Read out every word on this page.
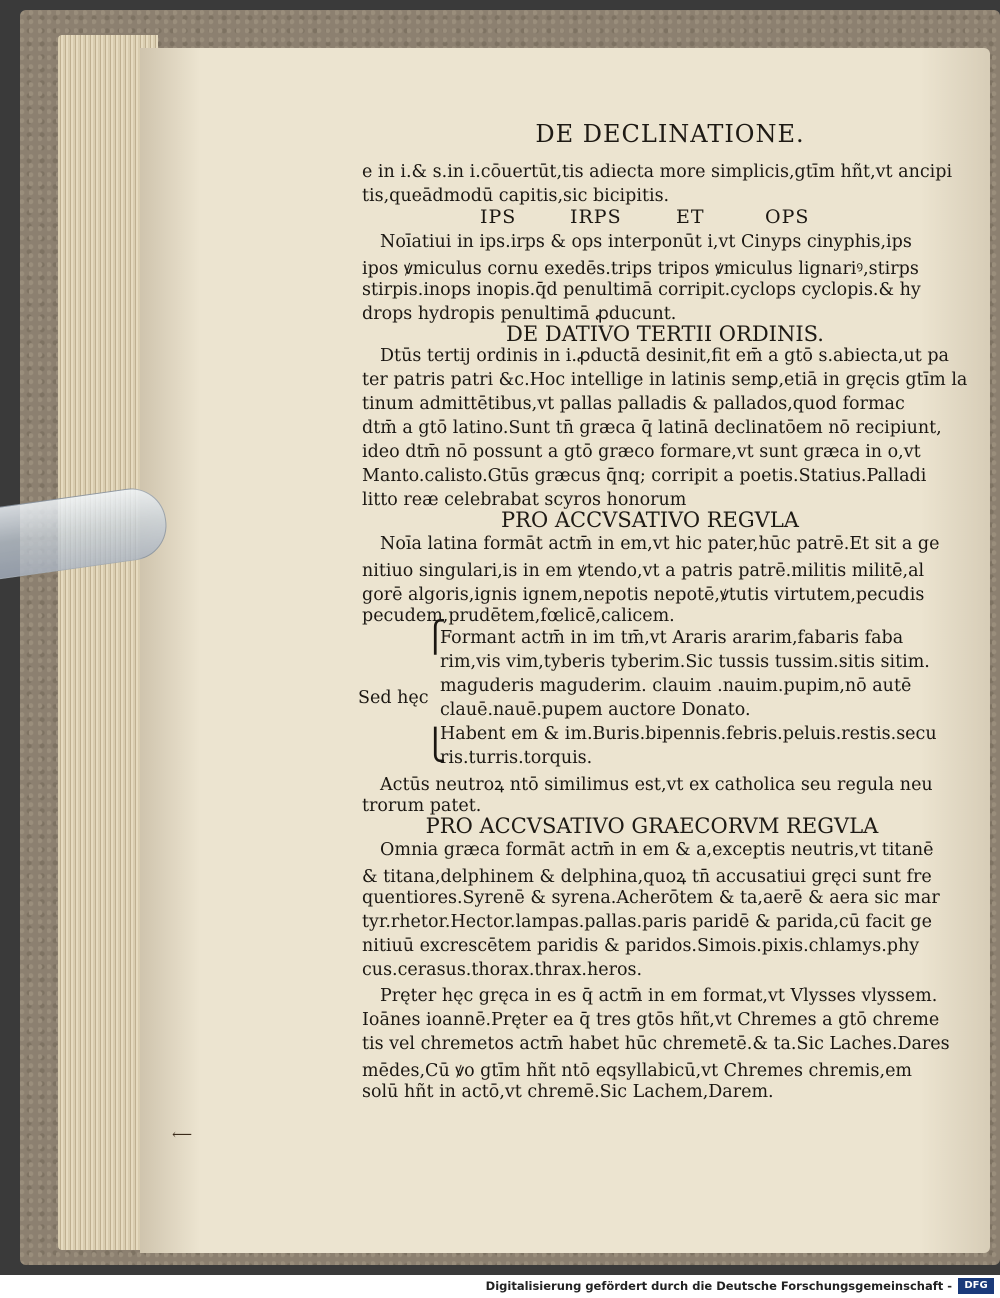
⟵
DE DECLINATIONE.
e in i.& s.in i.cōuertūt,tis adiecta more simplicis,gtīm hñt,vt ancipi
tis,queādmodū capitis,sic bicipitis.
IPS	IRPS	ET	OPS
Noīatiui in ips.irps & ops interponūt i,vt Cinyps cinyphis,ips
ipos ꝟmiculus cornu exedēs.trips tripos ꝟmiculus lignariꝰ,stirps
stirpis.inops inopis.q̄d penultimā corripit.cyclops cyclopis.& hy
drops hydropis penultimā ꝓducunt.
DE DATIVO TERTII ORDINIS.
Dtūs tertij ordinis in i.ꝓductā desinit,fit em̄ a gtō s.abiecta,ut pa
ter patris patri &c.Hoc intellige in latinis semꝑ,etiā in gręcis gtīm la
tinum admittētibus,vt pallas palladis & pallados,quod formac
dtm̄ a gtō latino.Sunt tn̄ græca q̄ latinā declinatōem nō recipiunt,
ideo dtm̄ nō possunt a gtō græco formare,vt sunt græca in o,vt
Manto.calisto.Gtūs græcus q̄nq; corripit a poetis.Statius.Palladi
litto reæ celebrabat scyros honorum
PRO ACCVSATIVO REGVLA
Noīa latina formāt actm̄ in em,vt hic pater,hūc patrē.Et sit a ge
nitiuo singulari,is in em ꝟtendo,vt a patris patrē.militis militē,al
gorē algoris,ignis ignem,nepotis nepotē,ꝟtutis virtutem,pecudis
pecudem,prudētem,fœlicē,calicem.
⎧
⎩
Sed hęc
Formant actm̄ in im tm̄,vt Araris ararim,fabaris faba
rim,vis vim,tyberis tyberim.Sic tussis tussim.sitis sitim.
maguderis maguderim. clauim .nauim.pupim,nō autē
clauē.nauē.pupem auctore Donato.
Habent em & im.Buris.bipennis.febris.peluis.restis.secu
ris.turris.torquis.
Actūs neutroꝝ ntō similimus est,vt ex catholica seu regula neu
trorum patet.
PRO ACCVSATIVO GRAECORVM REGVLA
Omnia græca formāt actm̄ in em & a,exceptis neutris,vt titanē
& titana,delphinem & delphina,quoꝝ tn̄ accusatiui gręci sunt fre
quentiores.Syrenē & syrena.Acherōtem & ta,aerē & aera sic mar
tyr.rhetor.Hector.lampas.pallas.paris paridē & parida,cū facit ge
nitiuū excrescētem paridis & paridos.Simois.pixis.chlamys.phy
cus.cerasus.thorax.thrax.heros.
Pręter hęc gręca in es q̄ actm̄ in em format,vt Vlysses vlyssem.
Ioānes ioannē.Pręter ea q̄ tres gtōs hñt,vt Chremes a gtō chreme
tis vel chremetos actm̄ habet hūc chremetē.& ta.Sic Laches.Dares
mēdes,Cū ꝟo gtīm hñt ntō eqsyllabicū,vt Chremes chremis,em
solū hñt in actō,vt chremē.Sic Lachem,Darem.
Digitalisierung gefördert durch die Deutsche Forschungsgemeinschaft -	DFG
